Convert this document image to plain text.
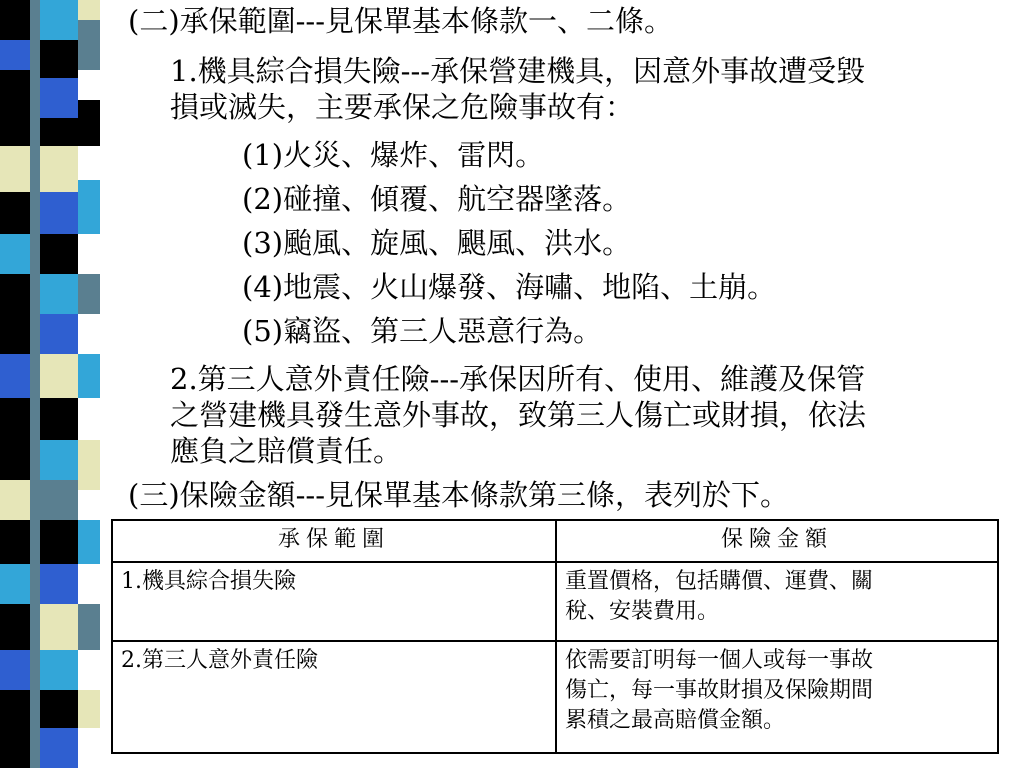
(二)承保範圍---見保單基本條款一、二條。
1.機具綜合損失險---承保營建機具，因意外事故遭受毀
損或滅失，主要承保之危險事故有：
(1)火災、爆炸、雷閃。
(2)碰撞、傾覆、航空器墜落。
(3)颱風、旋風、颶風、洪水。
(4)地震、火山爆發、海嘯、地陷、土崩。
(5)竊盜、第三人惡意行為。
2.第三人意外責任險---承保因所有、使用、維護及保管
之營建機具發生意外事故，致第三人傷亡或財損，依法
應負之賠償責任。
(三)保險金額---見保單基本條款第三條，表列於下。
承保範圍	保險金額
1.機具綜合損失險	重置價格，包括購價、運費、關
稅、安裝費用。

2.第三人意外責任險	依需要訂明每一個人或每一事故
傷亡，每一事故財損及保險期間
累積之最高賠償金額。
